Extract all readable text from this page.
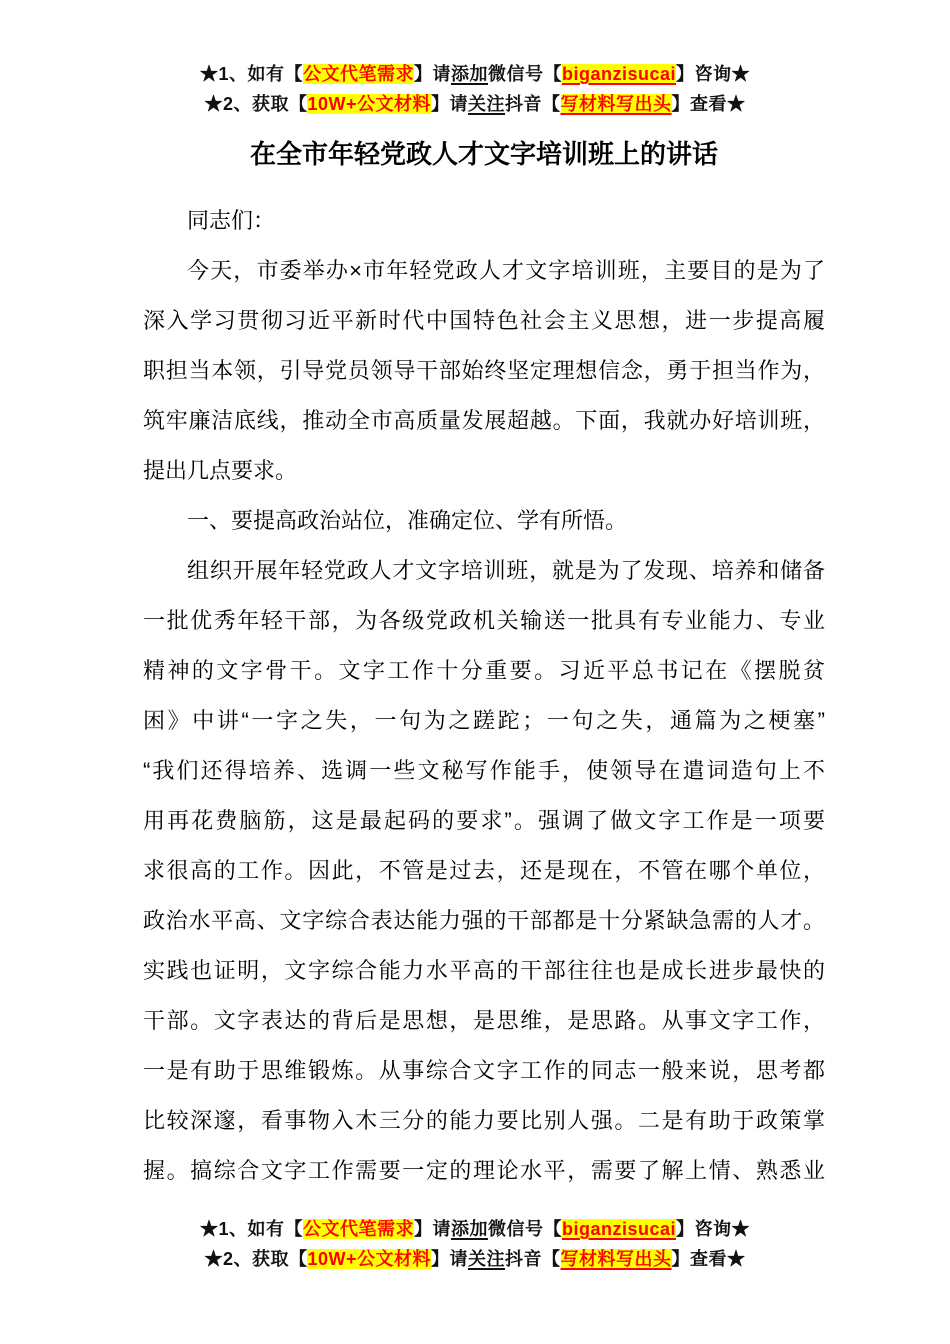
★1、如有【公文代笔需求】请添加微信号【biganzisucai】咨询★
★2、获取【10W+公文材料】请关注抖音【写材料写出头】查看★
在全市年轻党政人才文字培训班上的讲话
同志们：
今天，市委举办×市年轻党政人才文字培训班，主要目的是为了
深入学习贯彻习近平新时代中国特色社会主义思想，进一步提高履
职担当本领，引导党员领导干部始终坚定理想信念，勇于担当作为，
筑牢廉洁底线，推动全市高质量发展超越。下面，我就办好培训班，
提出几点要求。
一、要提高政治站位，准确定位、学有所悟。
组织开展年轻党政人才文字培训班，就是为了发现、培养和储备
一批优秀年轻干部，为各级党政机关输送一批具有专业能力、专业
精神的文字骨干。文字工作十分重要。习近平总书记在《摆脱贫
困》中讲“一字之失，一句为之蹉跎；一句之失，通篇为之梗塞”
“我们还得培养、选调一些文秘写作能手，使领导在遣词造句上不
用再花费脑筋，这是最起码的要求”。强调了做文字工作是一项要
求很高的工作。因此，不管是过去，还是现在，不管在哪个单位，
政治水平高、文字综合表达能力强的干部都是十分紧缺急需的人才。
实践也证明，文字综合能力水平高的干部往往也是成长进步最快的
干部。文字表达的背后是思想，是思维，是思路。从事文字工作，
一是有助于思维锻炼。从事综合文字工作的同志一般来说，思考都
比较深邃，看事物入木三分的能力要比别人强。二是有助于政策掌
握。搞综合文字工作需要一定的理论水平，需要了解上情、熟悉业
★1、如有【公文代笔需求】请添加微信号【biganzisucai】咨询★
★2、获取【10W+公文材料】请关注抖音【写材料写出头】查看★
